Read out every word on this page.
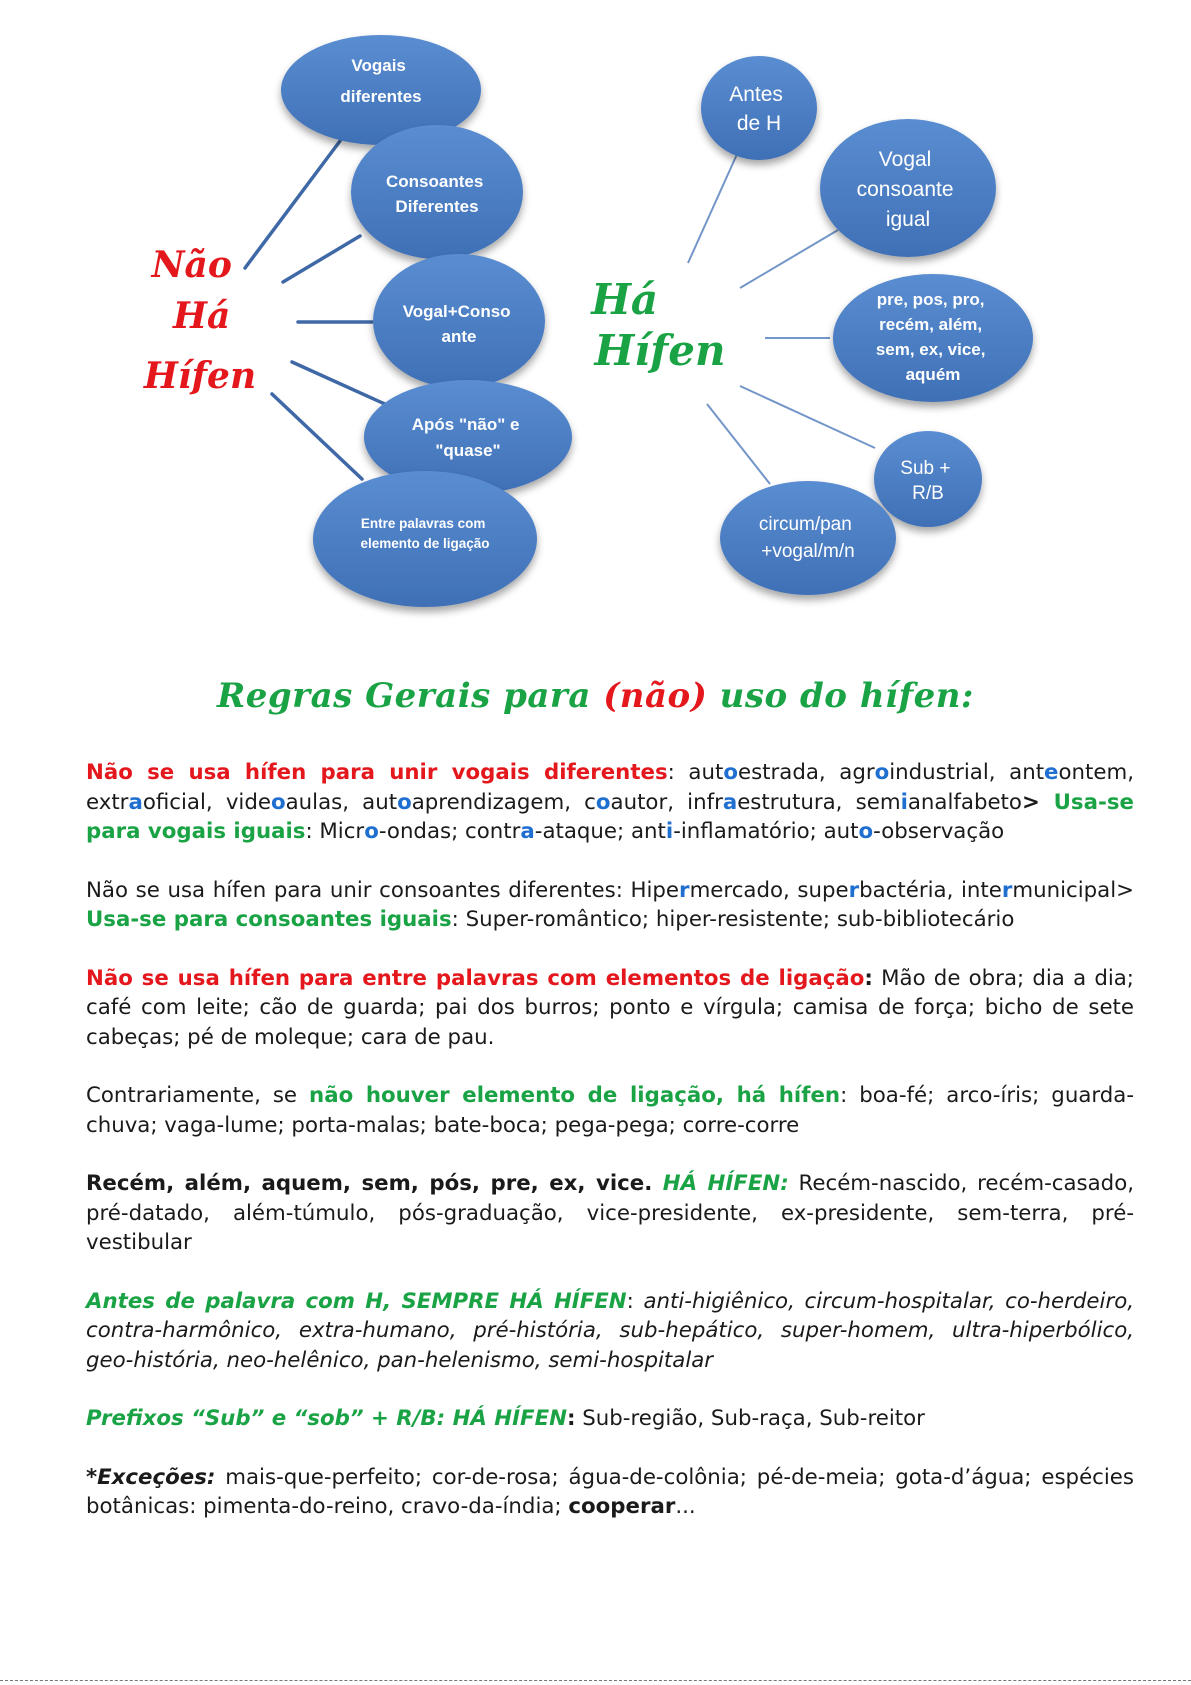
Vogais diferentes
Consoantes Diferentes
Vogal+Conso ante
Após "não" e "quase"
Entre palavras com elemento de ligação
Antes de H
Vogal consoante igual
pre, pos, pro, recém, além, sem, ex, vice, aquém
Sub + R/B
circum/pan +vogal/m/n
Não Há Hífen
Há Hífen
Regras Gerais para (não) uso do hífen:

Não se usa hífen para unir vogais diferentes: autoestrada, agroindustrial, anteontem, extraoficial, videoaulas, autoaprendizagem, coautor, infraestrutura, semianalfabeto> Usa-se para vogais iguais: Micro-ondas; contra-ataque; anti-inflamatório; auto-observação

Não se usa hífen para unir consoantes diferentes: Hipermercado, superbactéria, intermunicipal> Usa-se para consoantes iguais: Super-romântico; hiper-resistente; sub-bibliotecário

Não se usa hífen para entre palavras com elementos de ligação: Mão de obra; dia a dia; café com leite; cão de guarda; pai dos burros; ponto e vírgula; camisa de força; bicho de sete cabeças; pé de moleque; cara de pau.

Contrariamente, se não houver elemento de ligação, há hífen: boa-fé; arco-íris; guarda-chuva; vaga-lume; porta-malas; bate-boca; pega-pega; corre-corre

Recém, além, aquem, sem, pós, pre, ex, vice. HÁ HÍFEN: Recém-nascido, recém-casado, pré-datado, além-túmulo, pós-graduação, vice-presidente, ex-presidente, sem-terra, pré-vestibular

Antes de palavra com H, SEMPRE HÁ HÍFEN: anti-higiênico, circum-hospitalar, co-herdeiro, contra-harmônico, extra-humano, pré-história, sub-hepático, super-homem, ultra-hiperbólico, geo-história, neo-helênico, pan-helenismo, semi-hospitalar

Prefixos “Sub” e “sob” + R/B: HÁ HÍFEN: Sub-região, Sub-raça, Sub-reitor

*Exceções: mais-que-perfeito; cor-de-rosa; água-de-colônia; pé-de-meia; gota-d’água; espécies botânicas: pimenta-do-reino, cravo-da-índia; cooperar...
